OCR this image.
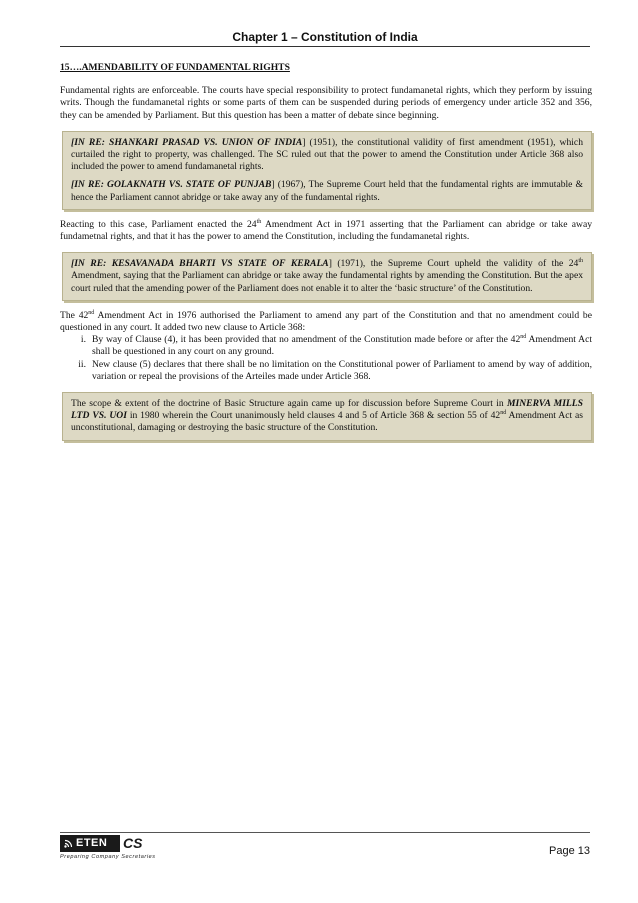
Chapter 1 – Constitution of India
15….AMENDABILITY OF FUNDAMENTAL RIGHTS

Fundamental rights are enforceable. The courts have special responsibility to protect fundamanetal rights, which they perform by issuing writs. Though the fundamanetal rights or some parts of them can be suspended during periods of emergency under article 352 and 356, they can be amended by Parliament. But this question has been a matter of debate since beginning.

[IN RE: SHANKARI PRASAD VS. UNION OF INDIA] (1951), the constitutional validity of first amendment (1951), which curtailed the right to property, was challenged. The SC ruled out that the power to amend the Constitution under Article 368 also included the power to amend fundamanetal rights.

[IN RE: GOLAKNATH VS. STATE OF PUNJAB] (1967), The Supreme Court held that the fundamental rights are immutable & hence the Parliament cannot abridge or take away any of the fundamental rights.

Reacting to this case, Parliament enacted the 24th Amendment Act in 1971 asserting that the Parliament can abridge or take away fundametnal rights, and that it has the power to amend the Constitution, including the fundamanetal rights.

[IN RE: KESAVANADA BHARTI VS STATE OF KERALA] (1971), the Supreme Court upheld the validity of the 24th Amendment, saying that the Parliament can abridge or take away the fundamental rights by amending the Constitution. But the apex court ruled that the amending power of the Parliament does not enable it to alter the ‘basic structure’ of the Constitution.

The 42nd Amendment Act in 1976 authorised the Parliament to amend any part of the Constitution and that no amendment could be questioned in any court. It added two new clause to Article 368:

i. By way of Clause (4), it has been provided that no amendment of the Constitution made before or after the 42nd Amendment Act shall be questioned in any court on any ground.
ii. New clause (5) declares that there shall be no limitation on the Constitutional power of Parliament to amend by way of addition, variation or repeal the provisions of the Arteiles made under Article 368.

The scope & extent of the doctrine of Basic Structure again came up for discussion before Supreme Court in MINERVA MILLS LTD VS. UOI in 1980 wherein the Court unanimously held clauses 4 and 5 of Article 368 & section 55 of 42nd Amendment Act as unconstitutional, damaging or destroying the basic structure of the Constitution.

ETEN CS
Preparing Company Secretaries	Page 13
